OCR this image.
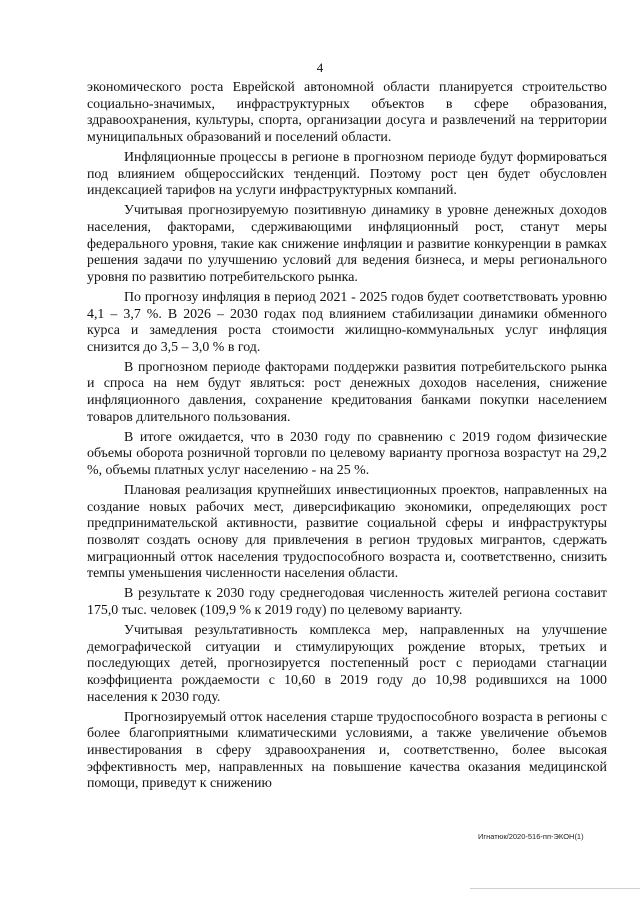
4

экономического роста Еврейской автономной области планируется строительство социально-значимых, инфраструктурных объектов в сфере образования, здравоохранения, культуры, спорта, организации досуга и развлечений на территории муниципальных образований и поселений области.

Инфляционные процессы в регионе в прогнозном периоде будут формироваться под влиянием общероссийских тенденций. Поэтому рост цен будет обусловлен индексацией тарифов на услуги инфраструктурных компаний.

Учитывая прогнозируемую позитивную динамику в уровне денежных доходов населения, факторами, сдерживающими инфляционный рост, станут меры федерального уровня, такие как снижение инфляции и развитие конкуренции в рамках решения задачи по улучшению условий для ведения бизнеса, и меры регионального уровня по развитию потребительского рынка.

По прогнозу инфляция в период 2021 - 2025 годов будет соответствовать уровню 4,1 – 3,7 %. В 2026 – 2030 годах под влиянием стабилизации динамики обменного курса и замедления роста стоимости жилищно-коммунальных услуг инфляция снизится до 3,5 – 3,0 % в год.

В прогнозном периоде факторами поддержки развития потребительского рынка и спроса на нем будут являться: рост денежных доходов населения, снижение инфляционного давления, сохранение кредитования банками покупки населением товаров длительного пользования.

В итоге ожидается, что в 2030 году по сравнению с 2019 годом физические объемы оборота розничной торговли по целевому варианту прогноза возрастут на 29,2 %, объемы платных услуг населению - на 25 %.

Плановая реализация крупнейших инвестиционных проектов, направленных на создание новых рабочих мест, диверсификацию экономики, определяющих рост предпринимательской активности, развитие социальной сферы и инфраструктуры позволят создать основу для привлечения в регион трудовых мигрантов, сдержать миграционный отток населения трудоспособного возраста и, соответственно, снизить темпы уменьшения численности населения области.

В результате к 2030 году среднегодовая численность жителей региона составит 175,0 тыс. человек (109,9 % к 2019 году) по целевому варианту.

Учитывая результативность комплекса мер, направленных на улучшение демографической ситуации и стимулирующих рождение вторых, третьих и последующих детей, прогнозируется постепенный рост с периодами стагнации коэффициента рождаемости с 10,60 в 2019 году до 10,98 родившихся на 1000 населения к 2030 году.

Прогнозируемый отток населения старше трудоспособного возраста в регионы с более благоприятными климатическими условиями, а также увеличение объемов инвестирования в сферу здравоохранения и, соответственно, более высокая эффективность мер, направленных на повышение качества оказания медицинской помощи, приведут к снижению

Игнатюк/2020-516-пп-ЭКОН(1)
